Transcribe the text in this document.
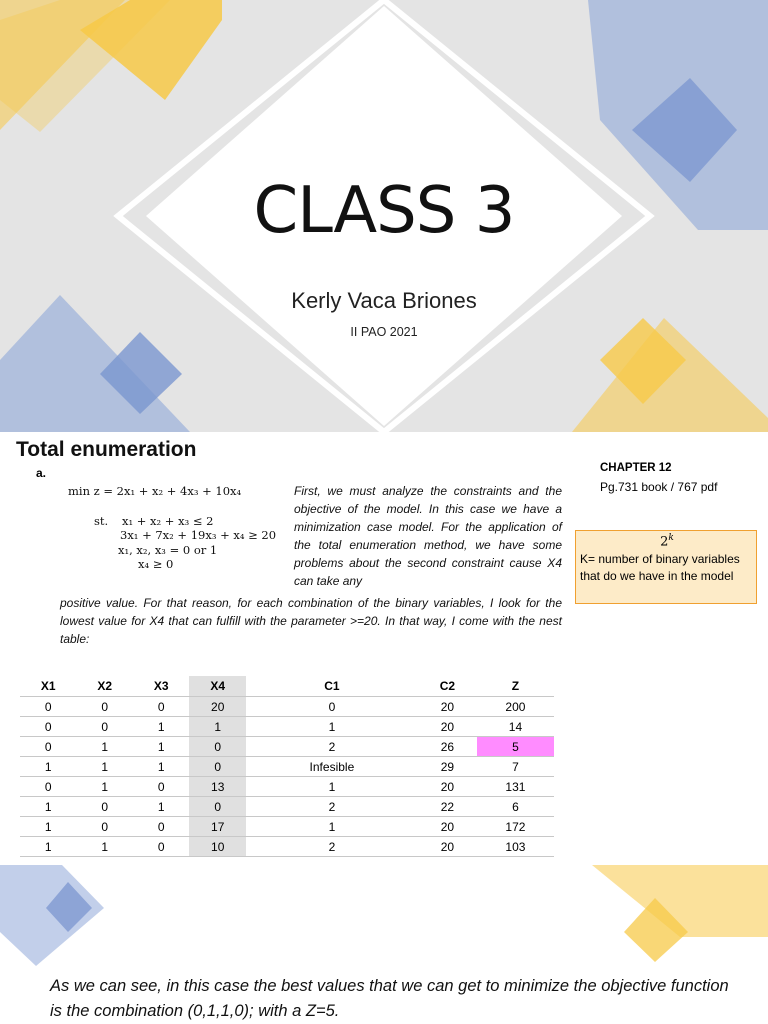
CLASS 3
Kerly Vaca Briones
II PAO 2021
Total enumeration
a.
min z = 2x₁ + x₂ + 4x₃ + 10x₄
st. x₁ + x₂ + x₃ ≤ 2
3x₁ + 7x₂ + 19x₃ + x₄ ≥ 20
x₁, x₂, x₃ = 0 or 1
x₄ ≥ 0
First, we must analyze the constraints and the objective of the model. In this case we have a minimization case model. For the application of the total enumeration method, we have some problems about the second constraint cause X4 can take any
positive value. For that reason, for each combination of the binary variables, I look for the lowest value for X4 that can fulfill with the parameter >=20. In that way, I come with the nest table:
CHAPTER 12
Pg.731 book / 767 pdf
2$^k$
K= number of binary variables that do we have in the model
X1	X2	X3	X4	C1	C2	Z
0	0	0	20	0	20	200
0	0	1	1	1	20	14
0	1	1	0	2	26	5
1	1	1	0	Infesible	29	7
0	1	0	13	1	20	131
1	0	1	0	2	22	6
1	0	0	17	1	20	172
1	1	0	10	2	20	103
As we can see, in this case the best values that we can get to minimize the objective function is the combination (0,1,1,0); with a Z=5.
